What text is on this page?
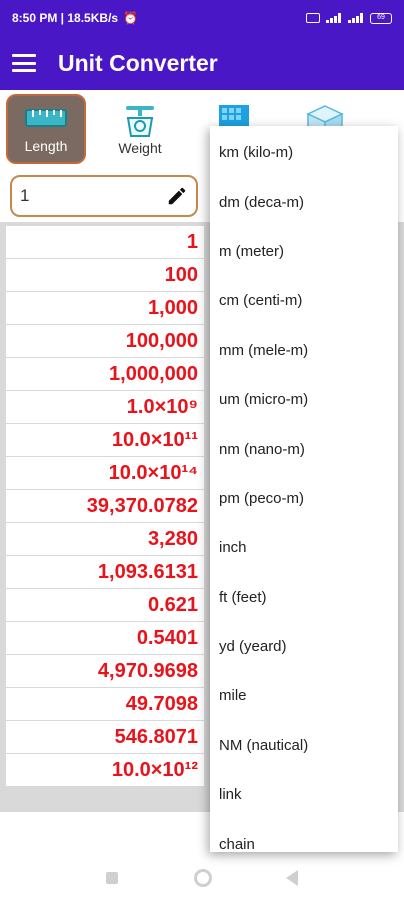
8:50 PM | 18.5KB/s ⏰	69
Unit Converter
Length	Weight
1
1
100
1,000
100,000
1,000,000
1.0×10⁹
10.0×10¹¹
10.0×10¹⁴
39,370.0782
3,280
1,093.6131
0.621
0.5401
4,970.9698
49.7098
546.8071
10.0×10¹²
km (kilo-m)
dm (deca-m)
m (meter)
cm (centi-m)
mm (mele-m)
um (micro-m)
nm (nano-m)
pm (peco-m)
inch
ft (feet)
yd (yeard)
mile
NM (nautical)
link
chain
